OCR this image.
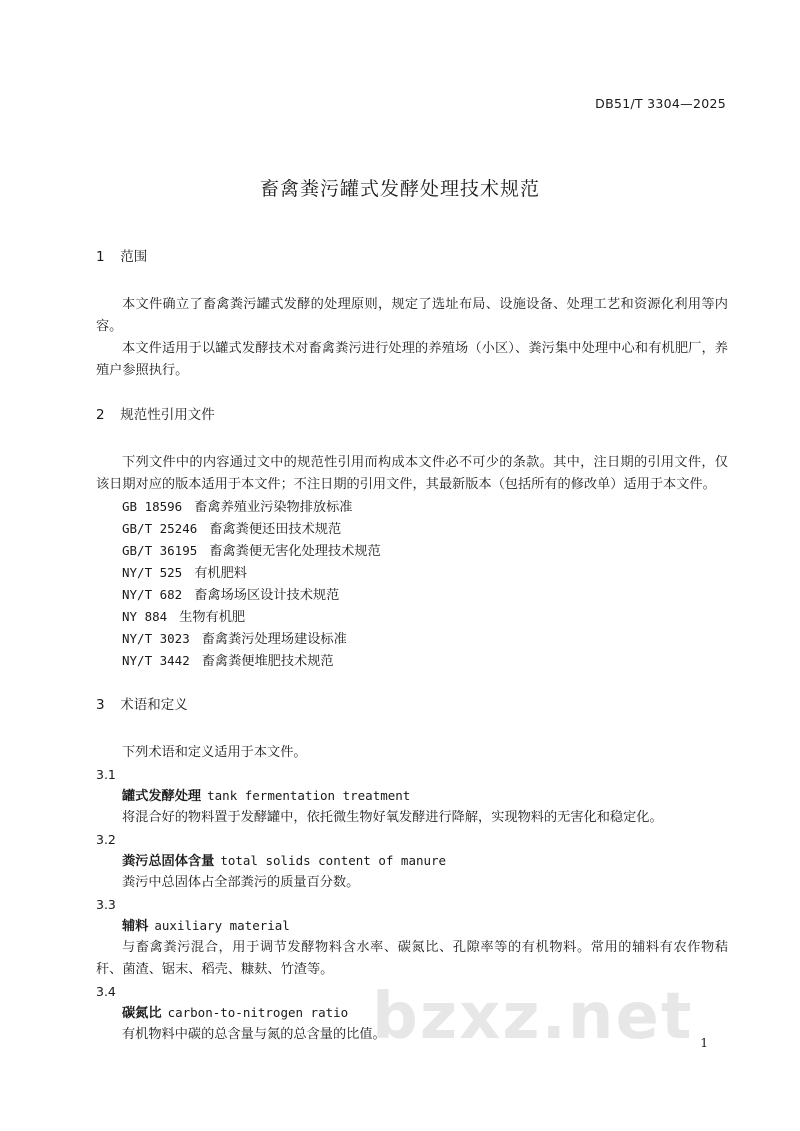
DB51/T 3304—2025
畜禽粪污罐式发酵处理技术规范
1 范围
本文件确立了畜禽粪污罐式发酵的处理原则，规定了选址布局、设施设备、处理工艺和资源化利用等内容。
本文件适用于以罐式发酵技术对畜禽粪污进行处理的养殖场（小区）、粪污集中处理中心和有机肥厂，养殖户参照执行。
2 规范性引用文件
下列文件中的内容通过文中的规范性引用而构成本文件必不可少的条款。其中，注日期的引用文件，仅该日期对应的版本适用于本文件；不注日期的引用文件，其最新版本（包括所有的修改单）适用于本文件。
GB 18596 畜禽养殖业污染物排放标准
GB/T 25246 畜禽粪便还田技术规范
GB/T 36195 畜禽粪便无害化处理技术规范
NY/T 525 有机肥料
NY/T 682 畜禽场场区设计技术规范
NY 884 生物有机肥
NY/T 3023 畜禽粪污处理场建设标准
NY/T 3442 畜禽粪便堆肥技术规范
3 术语和定义
下列术语和定义适用于本文件。
3.1
罐式发酵处理 tank fermentation treatment
将混合好的物料置于发酵罐中，依托微生物好氧发酵进行降解，实现物料的无害化和稳定化。
3.2
粪污总固体含量 total solids content of manure
粪污中总固体占全部粪污的质量百分数。
3.3
辅料 auxiliary material
与畜禽粪污混合，用于调节发酵物料含水率、碳氮比、孔隙率等的有机物料。常用的辅料有农作物秸秆、菌渣、锯末、稻壳、糠麸、竹渣等。
3.4
碳氮比 carbon-to-nitrogen ratio
有机物料中碳的总含量与氮的总含量的比值。
bzxz.net 1
